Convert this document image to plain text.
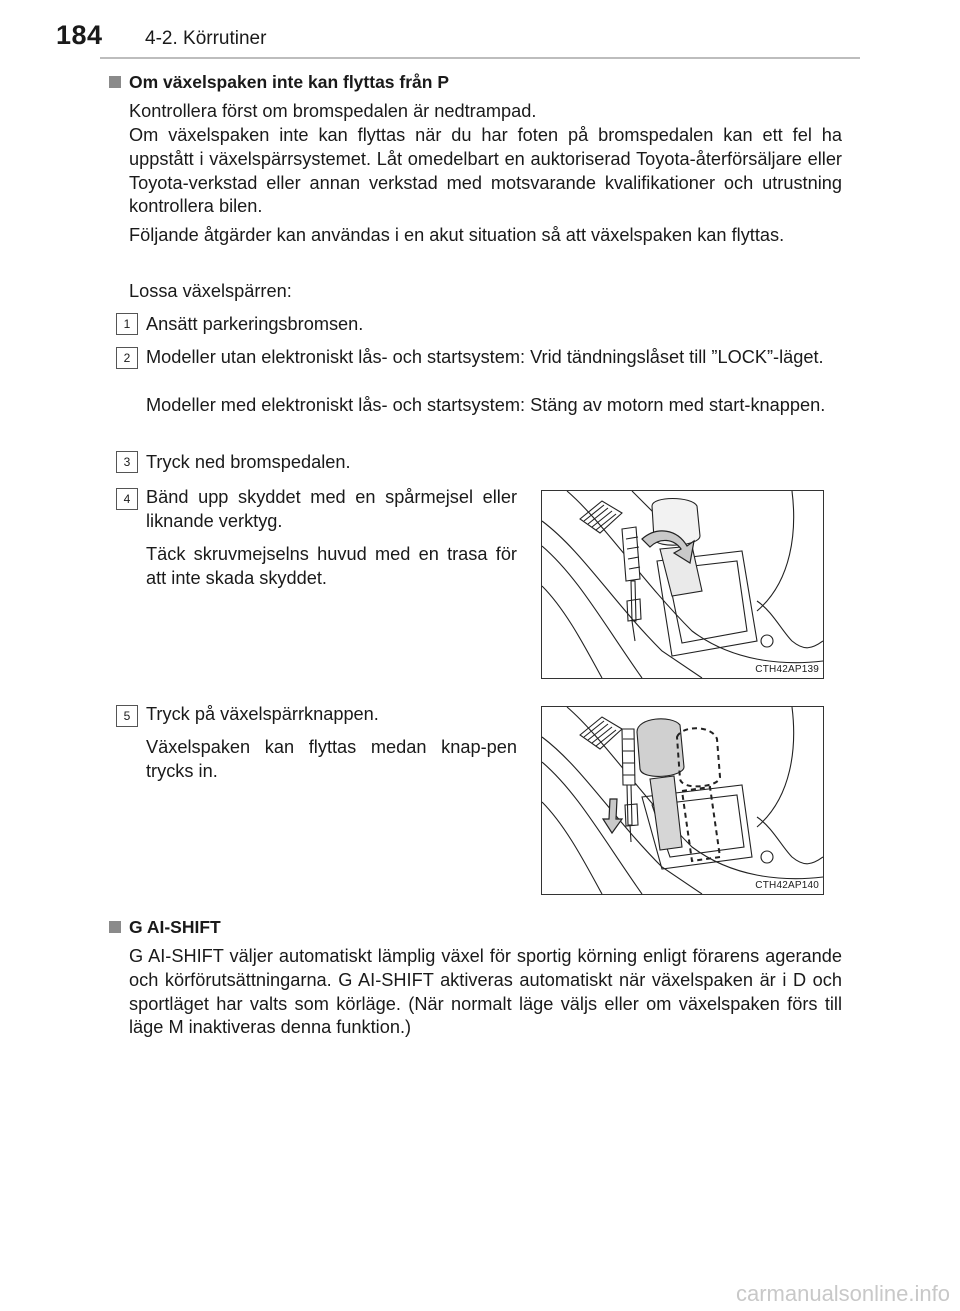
184 4-2. Körrutiner
Om växelspaken inte kan flyttas från P
Kontrollera först om bromspedalen är nedtrampad.
Om växelspaken inte kan flyttas när du har foten på bromspedalen kan ett fel ha uppstått i växelspärrsystemet. Låt omedelbart en auktoriserad Toyota-återförsäljare eller Toyota-verkstad eller annan verkstad med motsvarande kvalifikationer och utrustning kontrollera bilen.
Följande åtgärder kan användas i en akut situation så att växelspaken kan flyttas.
Lossa växelspärren:
1 Ansätt parkeringsbromsen.
2 Modeller utan elektroniskt lås- och startsystem: Vrid tändningslåset till ”LOCK”-läget.
Modeller med elektroniskt lås- och startsystem: Stäng av motorn med start-knappen.
3 Tryck ned bromspedalen.
4 Bänd upp skyddet med en spårmejsel eller liknande verktyg.
Täck skruvmejselns huvud med en trasa för att inte skada skyddet.
CTH42AP139
5 Tryck på växelspärrknappen.
Växelspaken kan flyttas medan knap-pen trycks in.
CTH42AP140
G AI-SHIFT
G AI-SHIFT väljer automatiskt lämplig växel för sportig körning enligt förarens agerande och körförutsättningarna. G AI-SHIFT aktiveras automatiskt när växelspaken är i D och sportläget har valts som körläge. (När normalt läge väljs eller om växelspaken förs till läge M inaktiveras denna funktion.)
carmanualsonline.info
